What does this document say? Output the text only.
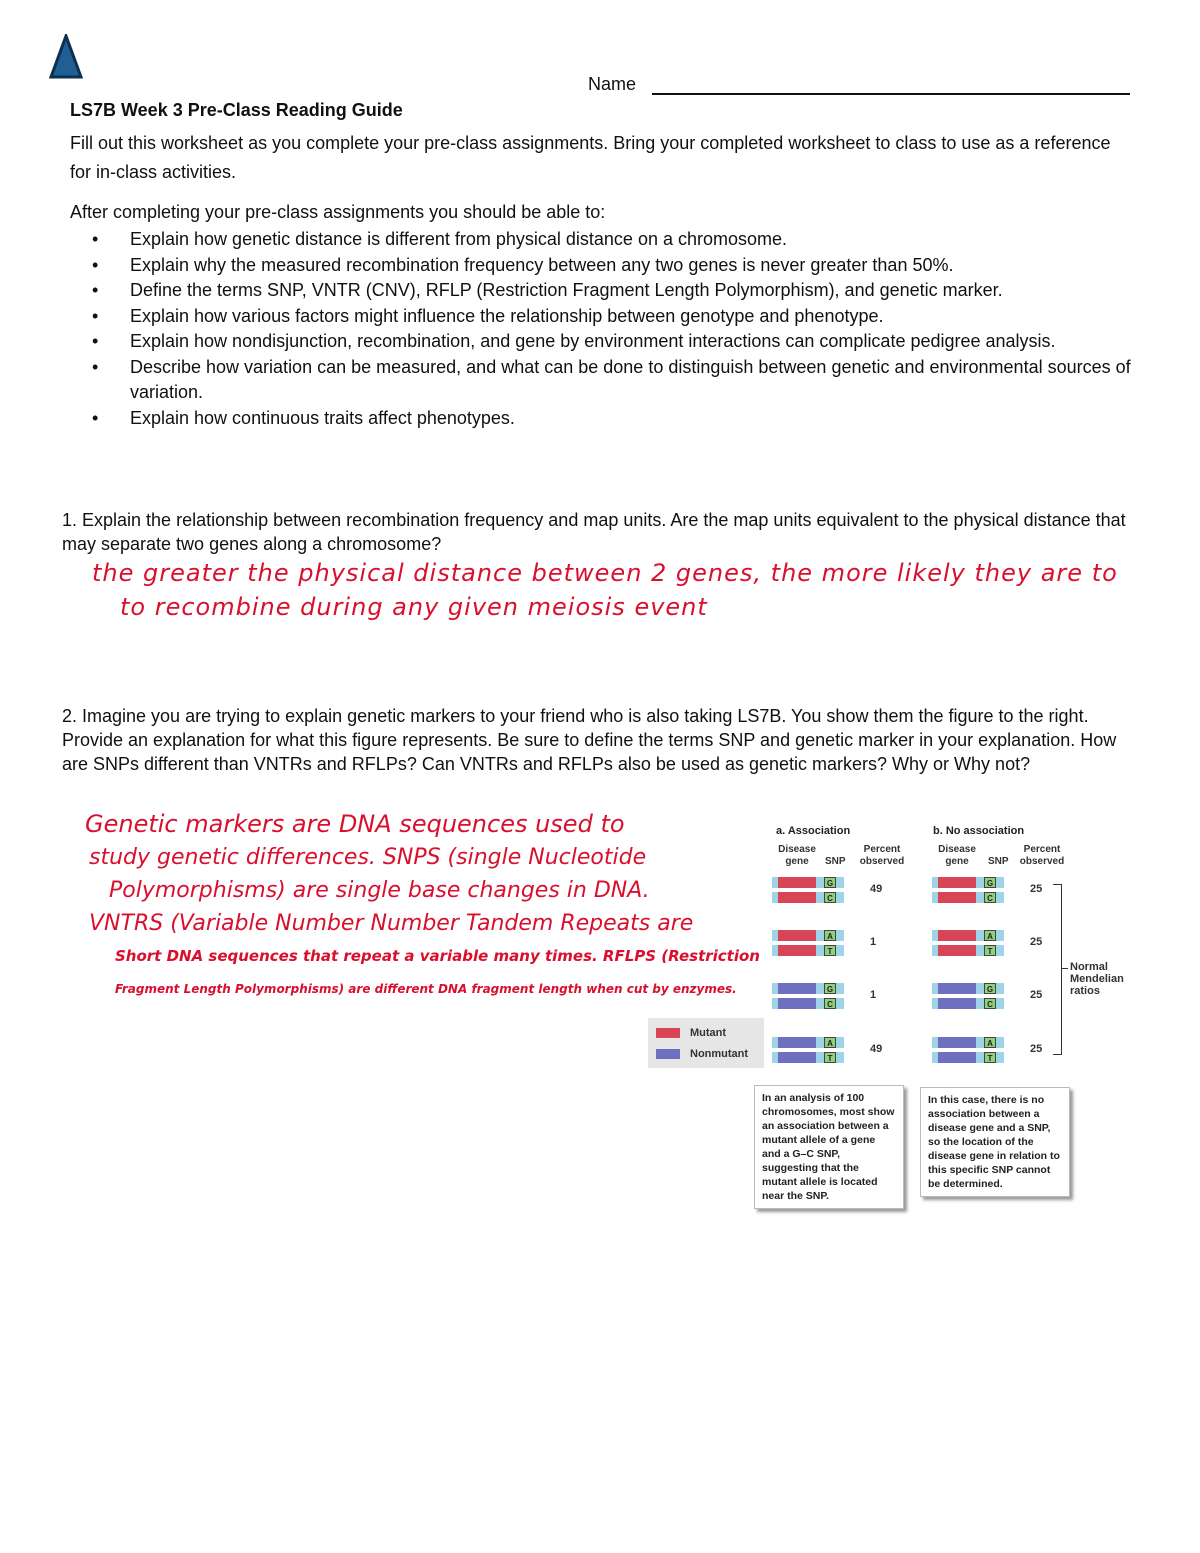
Name
LS7B Week 3 Pre-Class Reading Guide
Fill out this worksheet as you complete your pre-class assignments. Bring your completed worksheet to class to use as a reference for in-class activities.
After completing your pre-class assignments you should be able to:
• Explain how genetic distance is different from physical distance on a chromosome.
• Explain why the measured recombination frequency between any two genes is never greater than 50%.
• Define the terms SNP, VNTR (CNV), RFLP (Restriction Fragment Length Polymorphism), and genetic marker.
• Explain how various factors might influence the relationship between genotype and phenotype.
• Explain how nondisjunction, recombination, and gene by environment interactions can complicate pedigree analysis.
• Describe how variation can be measured, and what can be done to distinguish between genetic and environmental sources of variation.
• Explain how continuous traits affect phenotypes.
1. Explain the relationship between recombination frequency and map units. Are the map units equivalent to the physical distance that may separate two genes along a chromosome?
the greater the physical distance between 2 genes, the more likely they are to
to recombine during any given meiosis event
2. Imagine you are trying to explain genetic markers to your friend who is also taking LS7B. You show them the figure to the right. Provide an explanation for what this figure represents. Be sure to define the terms SNP and genetic marker in your explanation. How are SNPs different than VNTRs and RFLPs? Can VNTRs and RFLPs also be used as genetic markers? Why or Why not?
Genetic markers are DNA sequences used to
study genetic differences. SNPS (single Nucleotide
Polymorphisms) are single base changes in DNA.
VNTRS (Variable Number Number Tandem Repeats are
Short DNA sequences that repeat a variable many times. RFLPS (Restriction
Fragment Length Polymorphisms) are different DNA fragment length when cut by enzymes.
a. Association
Disease gene	SNP
Percent observed
b. No association
Disease gene	SNP
Percent observed
G
C
49
A
T
1
G
C
1
A
T
49
G
C
25
A
T
25
G
C
25
A
T
25
Normal Mendelian ratios
Mutant
Nonmutant
In an analysis of 100 chromosomes, most show an association between a mutant allele of a gene and a G–C SNP, suggesting that the mutant allele is located near the SNP.
In this case, there is no association between a disease gene and a SNP, so the location of the disease gene in relation to this specific SNP cannot be determined.
